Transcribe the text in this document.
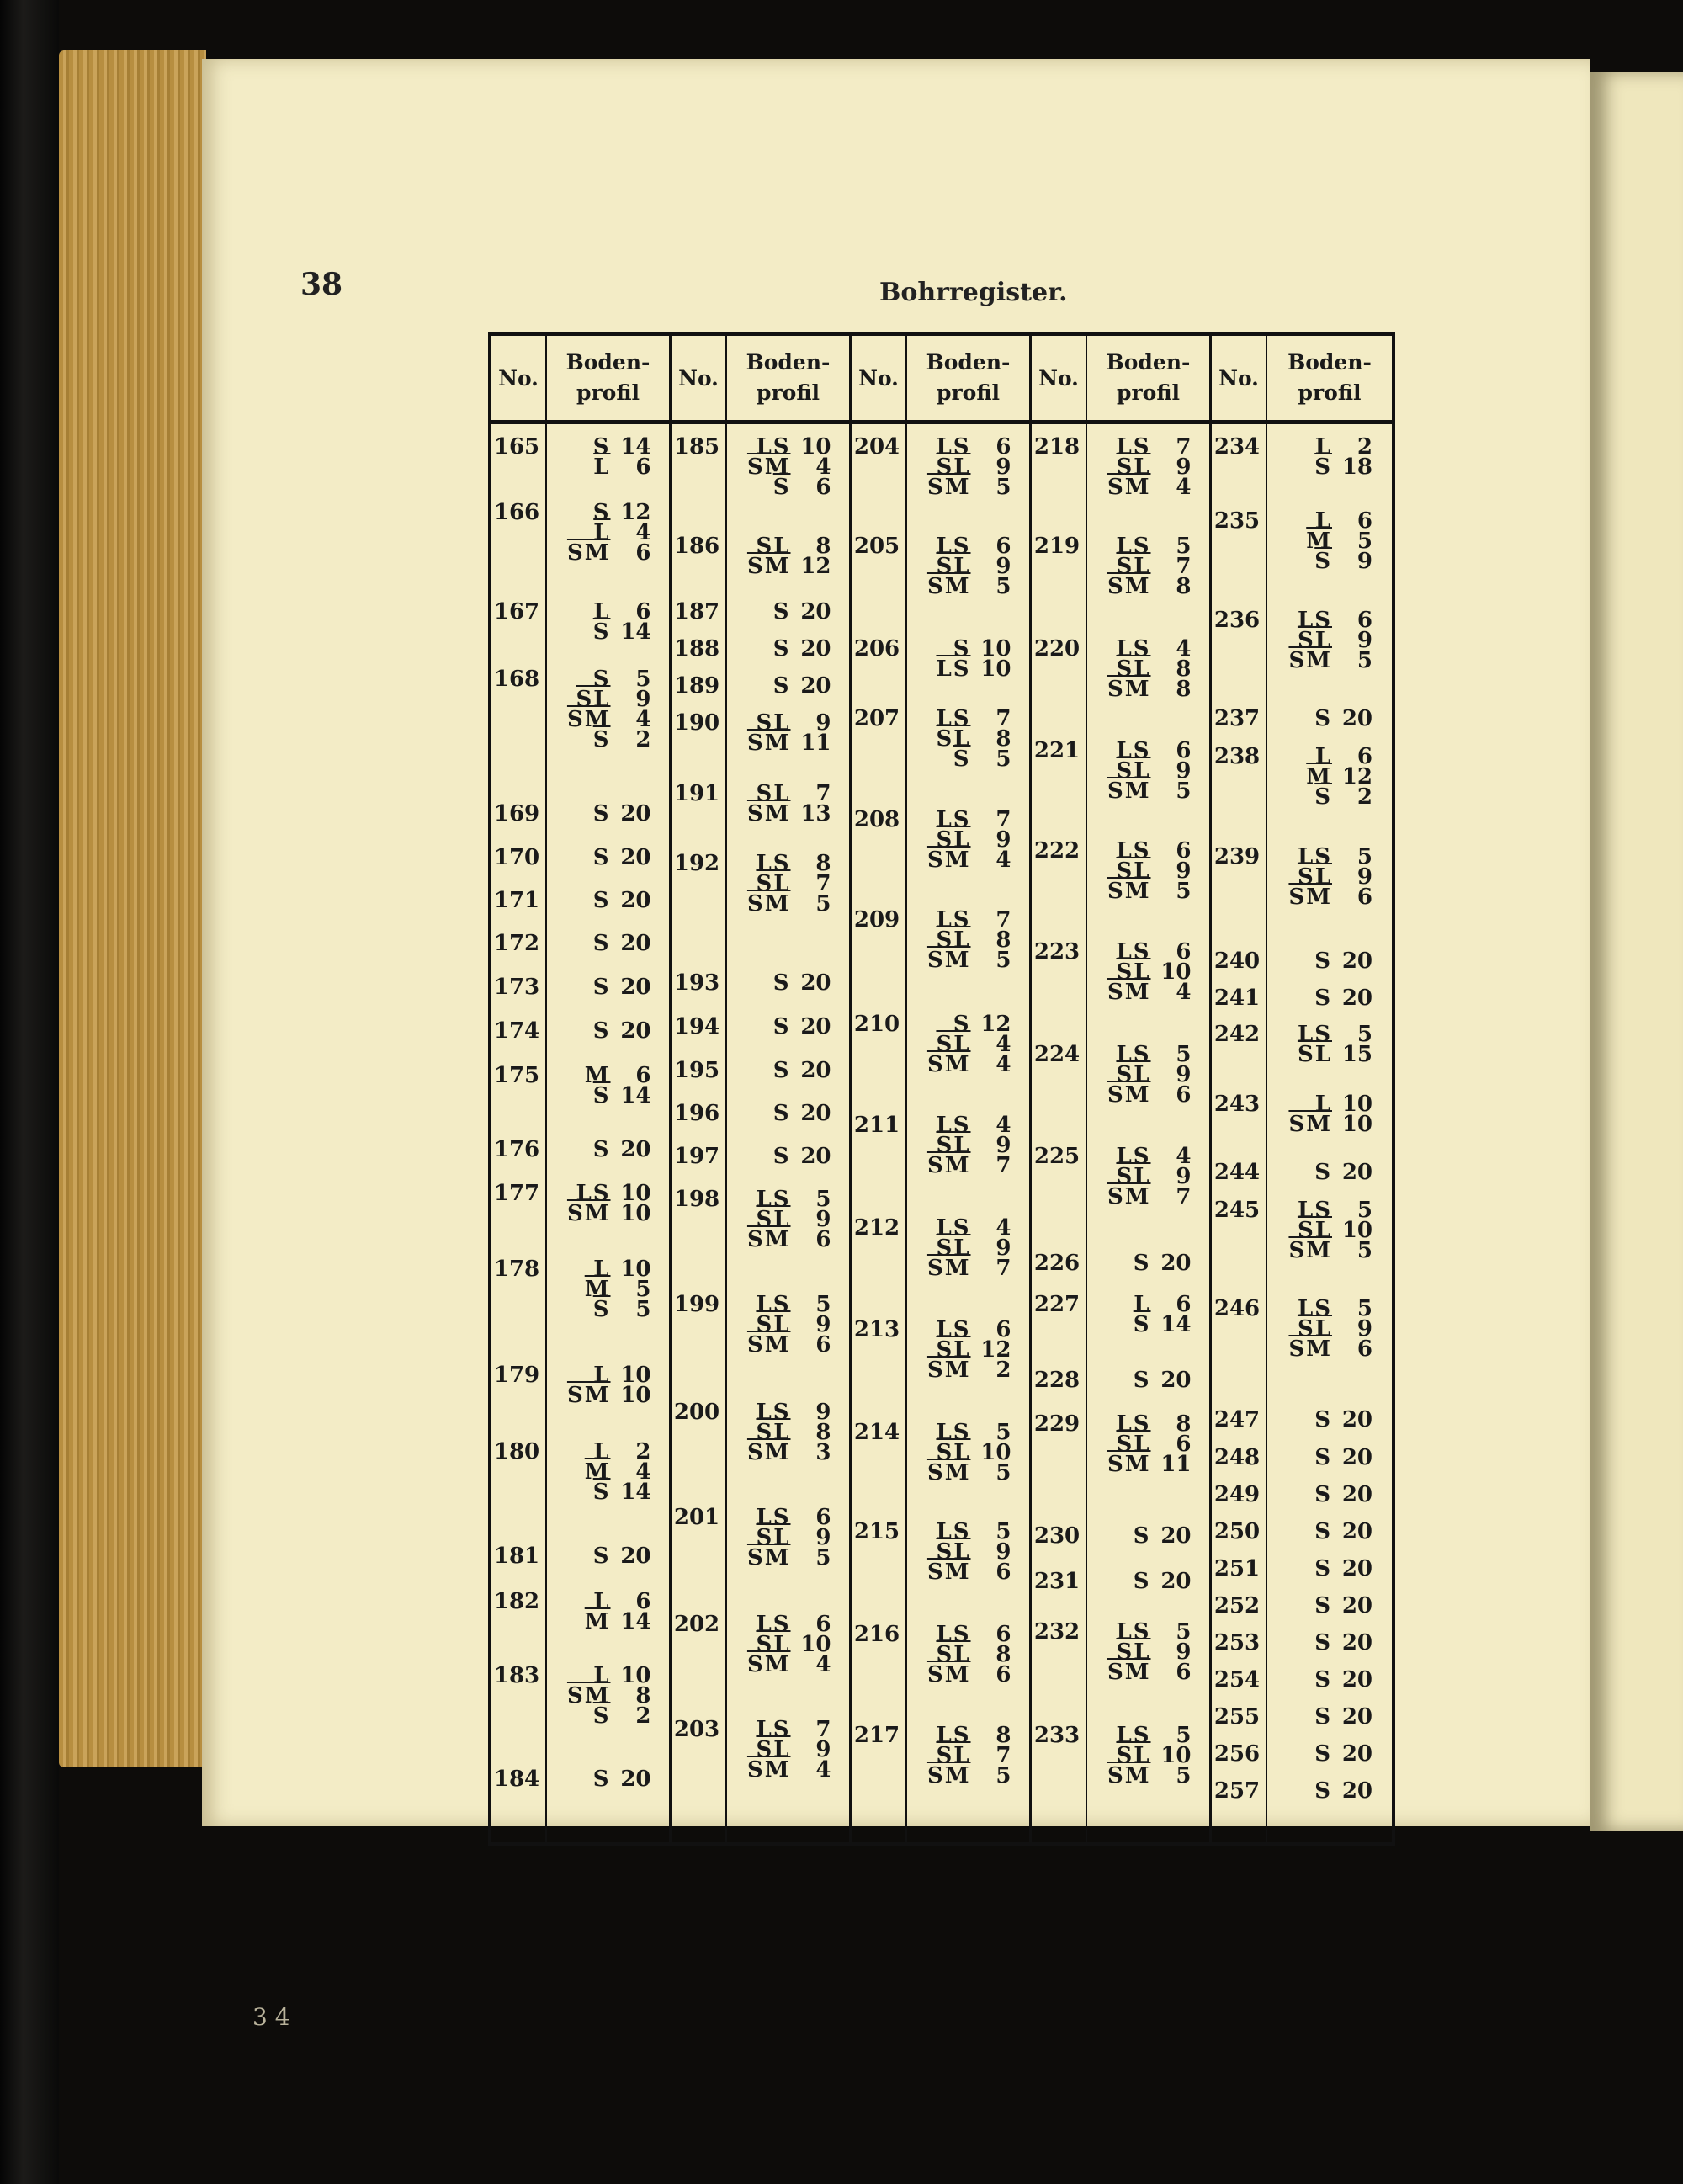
38	Bohrregister.
No.
Boden-
profil
165	S 14
$\overline{L}$	6
166	S 12
$\overline{L}$	4
$\overline{SM}$	6
167	L	6
$\overline{S}$ 14
168	S	5
$\overline{SL}$	9
$\overline{SM}$	4
$\overline{S}$	2
169	S 20
170	S 20
171	S 20
172	S 20
173	S 20
174	S 20
175	M	6
$\overline{S}$ 14
176	S 20
177	LS 10
$\overline{SM}$ 10
178	L 10
$\overline{M}$	5
$\overline{S}$	5
179	L 10
$\overline{SM}$ 10
180	L	2
$\overline{M}$	4
$\overline{S}$ 14
181	S 20
182	L	6
$\overline{M}$ 14
183	L 10
$\overline{SM}$	8
$\overline{S}$	2
184	S 20
No.
Boden-
profil
185	LS 10
$\overline{SM}$	4
$\overline{S}$	6
186	SL	8
$\overline{SM}$ 12
187	S 20
188	S 20
189	S 20
190	SL	9
$\overline{SM}$ 11
191	SL	7
$\overline{SM}$ 13
192	LS	8
$\overline{SL}$	7
$\overline{SM}$	5
193	S 20
194	S 20
195	S 20
196	S 20
197	S 20
198	LS	5
$\overline{SL}$	9
$\overline{SM}$	6
199	LS	5
$\overline{SL}$	9
$\overline{SM}$	6
200	LS	9
$\overline{SL}$	8
$\overline{SM}$	3
201	LS	6
$\overline{SL}$	9
$\overline{SM}$	5
202	LS	6
$\overline{SL}$ 10
$\overline{SM}$	4
203	LS	7
$\overline{SL}$	9
$\overline{SM}$	4
No.
Boden-
profil
204	LS	6
$\overline{SL}$	9
$\overline{SM}$	5
205	LS	6
$\overline{SL}$	9
$\overline{SM}$	5
206	S 10
$\overline{LS}$ 10
207	LS	7
$\overline{SL}$	8
$\overline{S}$	5
208	LS	7
$\overline{SL}$	9
$\overline{SM}$	4
209	LS	7
$\overline{SL}$	8
$\overline{SM}$	5
210	S 12
$\overline{SL}$	4
$\overline{SM}$	4
211	LS	4
$\overline{SL}$	9
$\overline{SM}$	7
212	LS	4
$\overline{SL}$	9
$\overline{SM}$	7
213	LS	6
$\overline{SL}$ 12
$\overline{SM}$	2
214	LS	5
$\overline{SL}$ 10
$\overline{SM}$	5
215	LS	5
$\overline{SL}$	9
$\overline{SM}$	6
216	LS	6
$\overline{SL}$	8
$\overline{SM}$	6
217	LS	8
$\overline{SL}$	7
$\overline{SM}$	5
No.
Boden-
profil
218	LS	7
$\overline{SL}$	9
$\overline{SM}$	4
219	LS	5
$\overline{SL}$	7
$\overline{SM}$	8
220	LS	4
$\overline{SL}$	8
$\overline{SM}$	8
221	LS	6
$\overline{SL}$	9
$\overline{SM}$	5
222	LS	6
$\overline{SL}$	9
$\overline{SM}$	5
223	LS	6
$\overline{SL}$ 10
$\overline{SM}$	4
224	LS	5
$\overline{SL}$	9
$\overline{SM}$	6
225	LS	4
$\overline{SL}$	9
$\overline{SM}$	7
226	S 20
227	L	6
$\overline{S}$ 14
228	S 20
229	LS	8
$\overline{SL}$	6
$\overline{SM}$ 11
230	S 20
231	S 20
232	LS	5
$\overline{SL}$	9
$\overline{SM}$	6
233	LS	5
$\overline{SL}$ 10
$\overline{SM}$	5
No.
Boden-
profil
234	L	2
$\overline{S}$ 18
235	L	6
$\overline{M}$	5
$\overline{S}$	9
236	LS	6
$\overline{SL}$	9
$\overline{SM}$	5
237	S 20
238	L	6
$\overline{M}$ 12
$\overline{S}$	2
239	LS	5
$\overline{SL}$	9
$\overline{SM}$	6
240	S 20
241	S 20
242	LS	5
$\overline{SL}$ 15
243	L 10
$\overline{SM}$ 10
244	S 20
245	LS	5
$\overline{SL}$ 10
$\overline{SM}$	5
246	LS	5
$\overline{SL}$	9
$\overline{SM}$	6
247	S 20
248	S 20
249	S 20
250	S 20
251	S 20
252	S 20
253	S 20
254	S 20
255	S 20
256	S 20
257	S 20
3 4
